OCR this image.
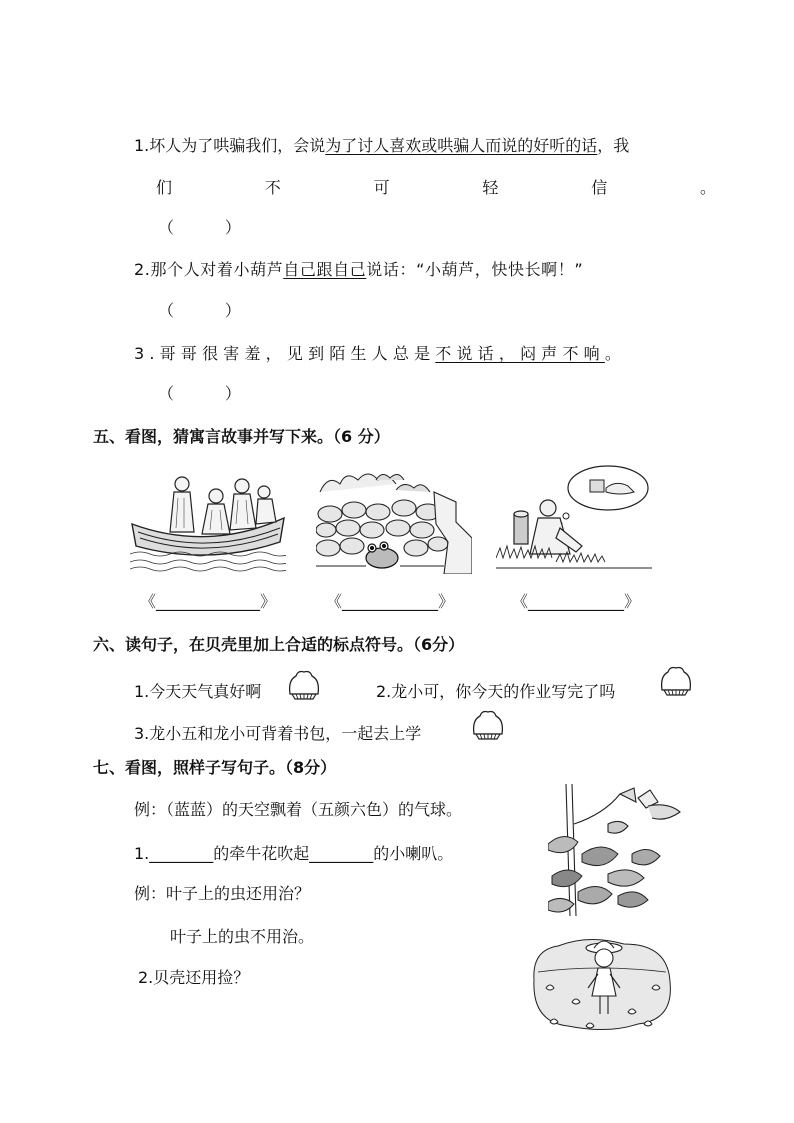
1.坏人为了哄骗我们，会说为了讨人喜欢或哄骗人而说的好听的话，我
们	不	可	轻	信	。
（          ）
2.那个人对着小葫芦自己跟自己说话：“小葫芦，快快长啊！”
（          ）
3.哥哥很害羞，见到陌生人总是不说话，闷声不响。
（          ）
五、看图，猜寓言故事并写下来。（6 分）
《_____________》	《____________》	《____________》
六、读句子，在贝壳里加上合适的标点符号。（6分）
1.今天天气真好啊	2.龙小可，你今天的作业写完了吗
3.龙小五和龙小可背着书包，一起去上学
七、看图，照样子写句子。（8分）
例：（蓝蓝）的天空飘着（五颜六色）的气球。
1.________的牵牛花吹起________的小喇叭。
例：叶子上的虫还用治？
叶子上的虫不用治。
2.贝壳还用捡？
